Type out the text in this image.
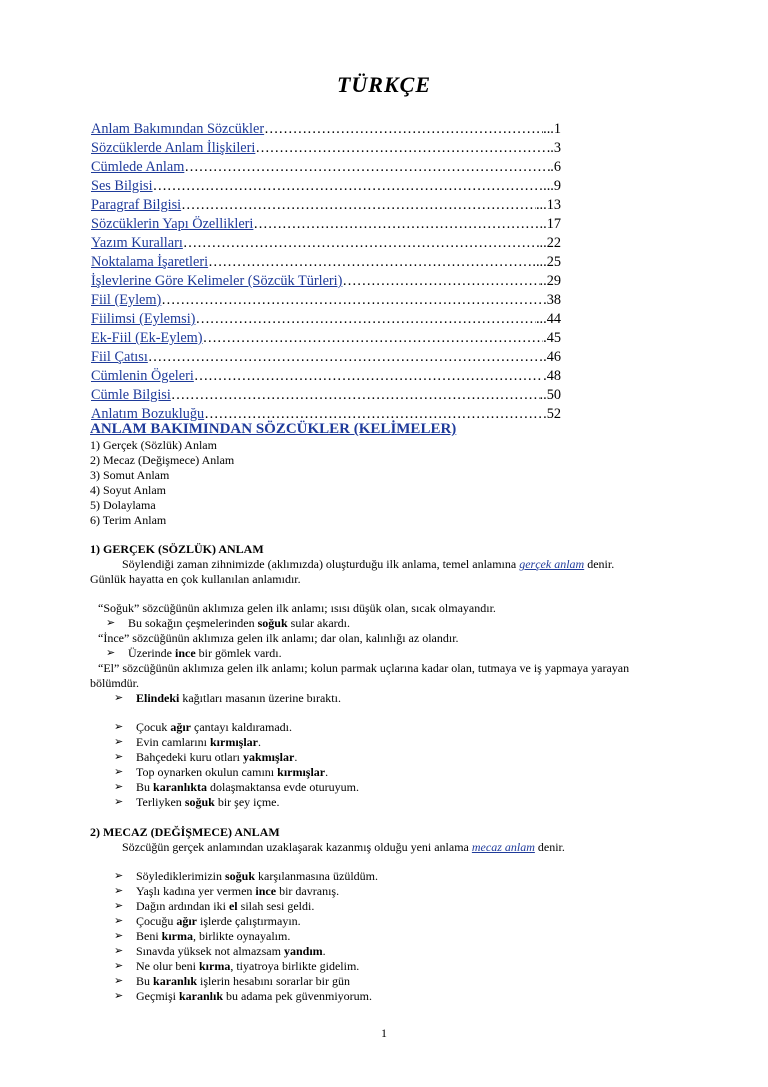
TÜRKÇE
Anlam Bakımından Sözcükler ……………………………………………………………………………………………………………………	...1
Sözcüklerde Anlam İlişkileri ……………………………………………………………………………………………………………………	..3
Cümlede Anlam ……………………………………………………………………………………………………………………	.6
Ses Bilgisi ……………………………………………………………………………………………………………………	...9
Paragraf Bilgisi ……………………………………………………………………………………………………………………	...13
Sözcüklerin Yapı Özellikleri ……………………………………………………………………………………………………………………	..17
Yazım Kuralları ……………………………………………………………………………………………………………………	..22
Noktalama İşaretleri ……………………………………………………………………………………………………………………	....25
İşlevlerine Göre Kelimeler (Sözcük Türleri) ……………………………………………………………………………………………………………………	..29
Fiil (Eylem) ……………………………………………………………………………………………………………………	.38
Fiilimsi (Eylemsi) ……………………………………………………………………………………………………………………	...44
Ek-Fiil (Ek-Eylem) ……………………………………………………………………………………………………………………	.45
Fiil Çatısı ……………………………………………………………………………………………………………………	.46
Cümlenin Ögeleri ……………………………………………………………………………………………………………………	.48
Cümle Bilgisi ……………………………………………………………………………………………………………………	..50
Anlatım Bozukluğu ……………………………………………………………………………………………………………………	.52

ANLAM BAKIMINDAN SÖZCÜKLER (KELİMELER)

1) Gerçek (Sözlük) Anlam

2) Mecaz (Değişmece) Anlam

3) Somut Anlam

4) Soyut Anlam

5) Dolaylama

6) Terim Anlam

1) GERÇEK (SÖZLÜK) ANLAM

Söylendiği zaman zihnimizde (aklımızda) oluşturduğu ilk anlama, temel anlamına gerçek anlam denir.

Günlük hayatta en çok kullanılan anlamıdır.

“Soğuk” sözcüğünün aklımıza gelen ilk anlamı; ısısı düşük olan, sıcak olmayandır.

➢	Bu sokağın çeşmelerinden soğuk sular akardı.

“İnce” sözcüğünün aklımıza gelen ilk anlamı; dar olan, kalınlığı az olandır.

➢	Üzerinde ince bir gömlek vardı.

“El” sözcüğünün aklımıza gelen ilk anlamı; kolun parmak uçlarına kadar olan, tutmaya ve iş yapmaya yarayan

bölümdür.

➢	Elindeki kağıtları masanın üzerine bıraktı.
➢	Çocuk ağır çantayı kaldıramadı.
➢	Evin camlarını kırmışlar.
➢	Bahçedeki kuru otları yakmışlar.
➢	Top oynarken okulun camını kırmışlar.
➢	Bu karanlıkta dolaşmaktansa evde oturuyum.
➢	Terliyken soğuk bir şey içme.

2) MECAZ (DEĞİŞMECE) ANLAM

Sözcüğün gerçek anlamından uzaklaşarak kazanmış olduğu yeni anlama mecaz anlam denir.

➢	Söylediklerimizin soğuk karşılanmasına üzüldüm.
➢	Yaşlı kadına yer vermen ince bir davranış.
➢	Dağın ardından iki el silah sesi geldi.
➢	Çocuğu ağır işlerde çalıştırmayın.
➢	Beni kırma, birlikte oynayalım.
➢	Sınavda yüksek not almazsam yandım.
➢	Ne olur beni kırma, tiyatroya birlikte gidelim.
➢	Bu karanlık işlerin hesabını sorarlar bir gün
➢	Geçmişi karanlık bu adama pek güvenmiyorum.
1
